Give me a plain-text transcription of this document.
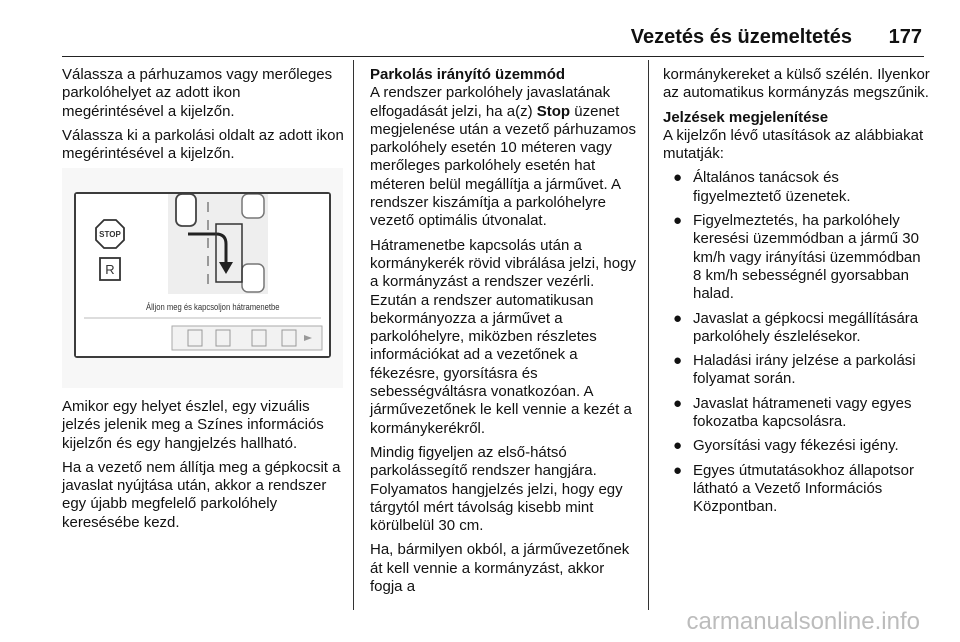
Vezetés és üzemeltetés 177

Válassza a párhuzamos vagy merőleges parkolóhelyet az adott ikon megérintésével a kijelzőn.

Válassza ki a parkolási oldalt az adott ikon megérintésével a kijelzőn.

STOP
R
Álljon meg és kapcsoljon hátramenetbe

Amikor egy helyet észlel, egy vizuális jelzés jelenik meg a Színes információs kijelzőn és egy hangjelzés hallható.

Ha a vezető nem állítja meg a gépkocsit a javaslat nyújtása után, akkor a rendszer egy újabb megfelelő parkolóhely keresésébe kezd.

Parkolás irányító üzemmód
A rendszer parkolóhely javaslatának elfogadását jelzi, ha a(z) Stop üzenet megjelenése után a vezető párhuzamos parkolóhely esetén 10 méteren vagy merőleges parkolóhely esetén hat méteren belül megállítja a járművet. A rendszer kiszámítja a parkolóhelyre vezető optimális útvonalat.

Hátramenetbe kapcsolás után a kormánykerék rövid vibrálása jelzi, hogy a kormányzást a rendszer vezérli. Ezután a rendszer automatikusan bekormányozza a járművet a parkolóhelyre, miközben részletes információkat ad a vezetőnek a fékezésre, gyorsításra és sebességváltásra vonatkozóan. A járművezetőnek le kell vennie a kezét a kormánykerékről.

Mindig figyeljen az első-hátsó parkolássegítő rendszer hangjára. Folyamatos hangjelzés jelzi, hogy egy tárgytól mért távolság kisebb mint körülbelül 30 cm.

Ha, bármilyen okból, a járművezetőnek át kell vennie a kormányzást, akkor fogja a

kormánykereket a külső szélén. Ilyenkor az automatikus kormányzás megszűnik.

Jelzések megjelenítése
A kijelzőn lévő utasítások az alábbiakat mutatják:

● Általános tanácsok és figyelmeztető üzenetek.
● Figyelmeztetés, ha parkolóhely keresési üzemmódban a jármű 30 km/h vagy irányítási üzemmódban 8 km/h sebességnél gyorsabban halad.
● Javaslat a gépkocsi megállítására parkolóhely észlelésekor.
● Haladási irány jelzése a parkolási folyamat során.
● Javaslat hátrameneti vagy egyes fokozatba kapcsolásra.
● Gyorsítási vagy fékezési igény.
● Egyes útmutatásokhoz állapotsor látható a Vezető Információs Központban.
carmanualsonline.info
